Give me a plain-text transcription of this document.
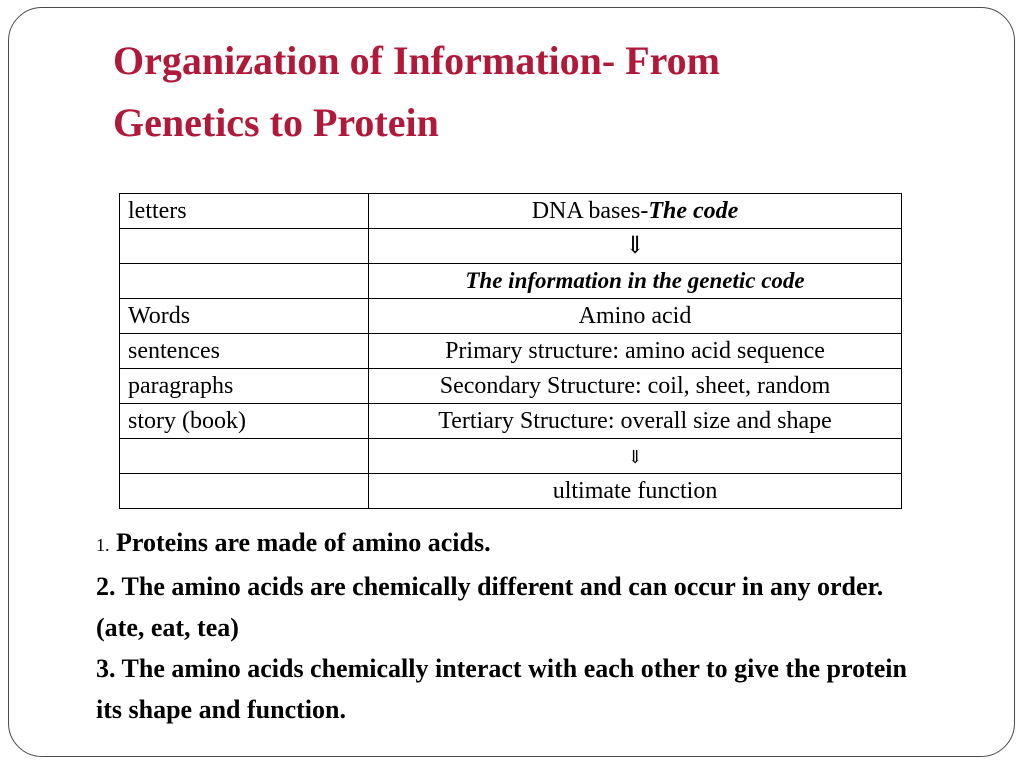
Organization of Information- From
Genetics to Protein
letters	DNA bases-The code
	⇓
	The information in the genetic code
Words	Amino acid
sentences	Primary structure: amino acid sequence
paragraphs	Secondary Structure: coil, sheet, random
story (book)	Tertiary Structure: overall size and shape
	⇓
	ultimate function

1. Proteins are made of amino acids.

2. The amino acids are chemically different and can occur in any order. (ate, eat, tea)

3. The amino acids chemically interact with each other to give the protein its shape and function.
